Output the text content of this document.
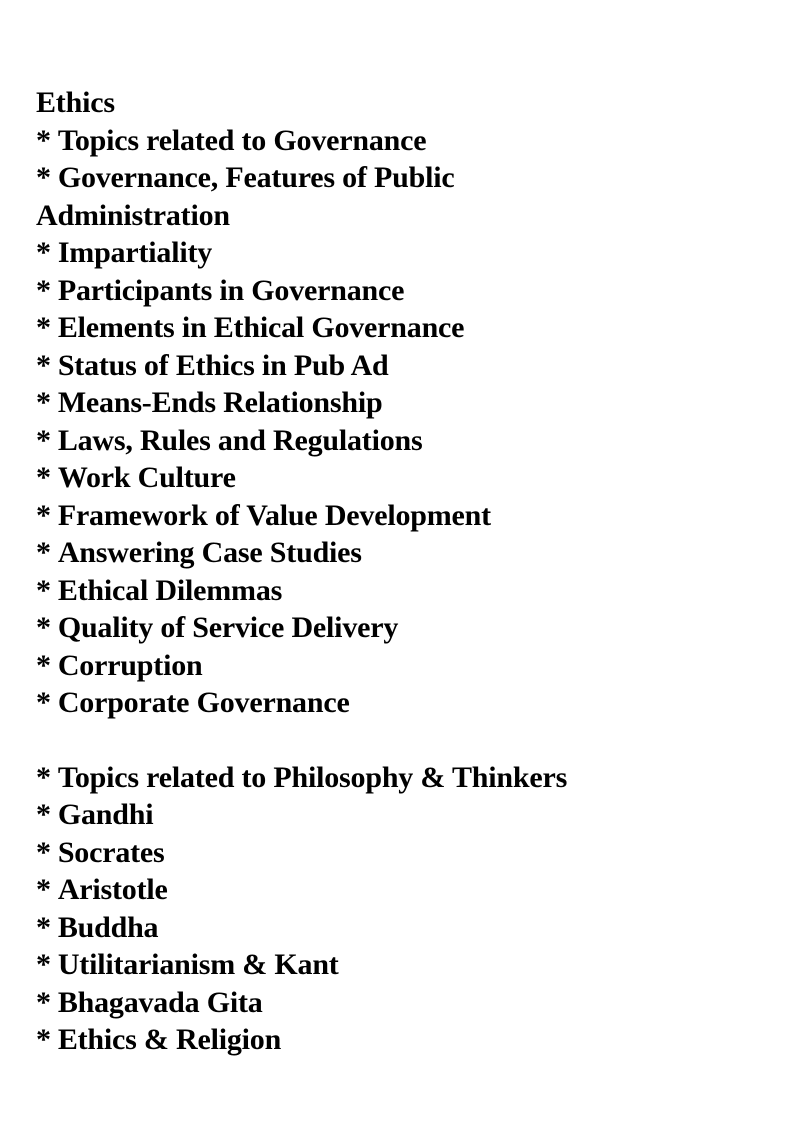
Ethics
* Topics related to Governance
* Governance, Features of Public
Administration
* Impartiality
* Participants in Governance
* Elements in Ethical Governance
* Status of Ethics in Pub Ad
* Means-Ends Relationship
* Laws, Rules and Regulations
* Work Culture
* Framework of Value Development
* Answering Case Studies
* Ethical Dilemmas
* Quality of Service Delivery
* Corruption
* Corporate Governance
* Topics related to Philosophy & Thinkers
* Gandhi
* Socrates
* Aristotle
* Buddha
* Utilitarianism & Kant
* Bhagavada Gita
* Ethics & Religion
